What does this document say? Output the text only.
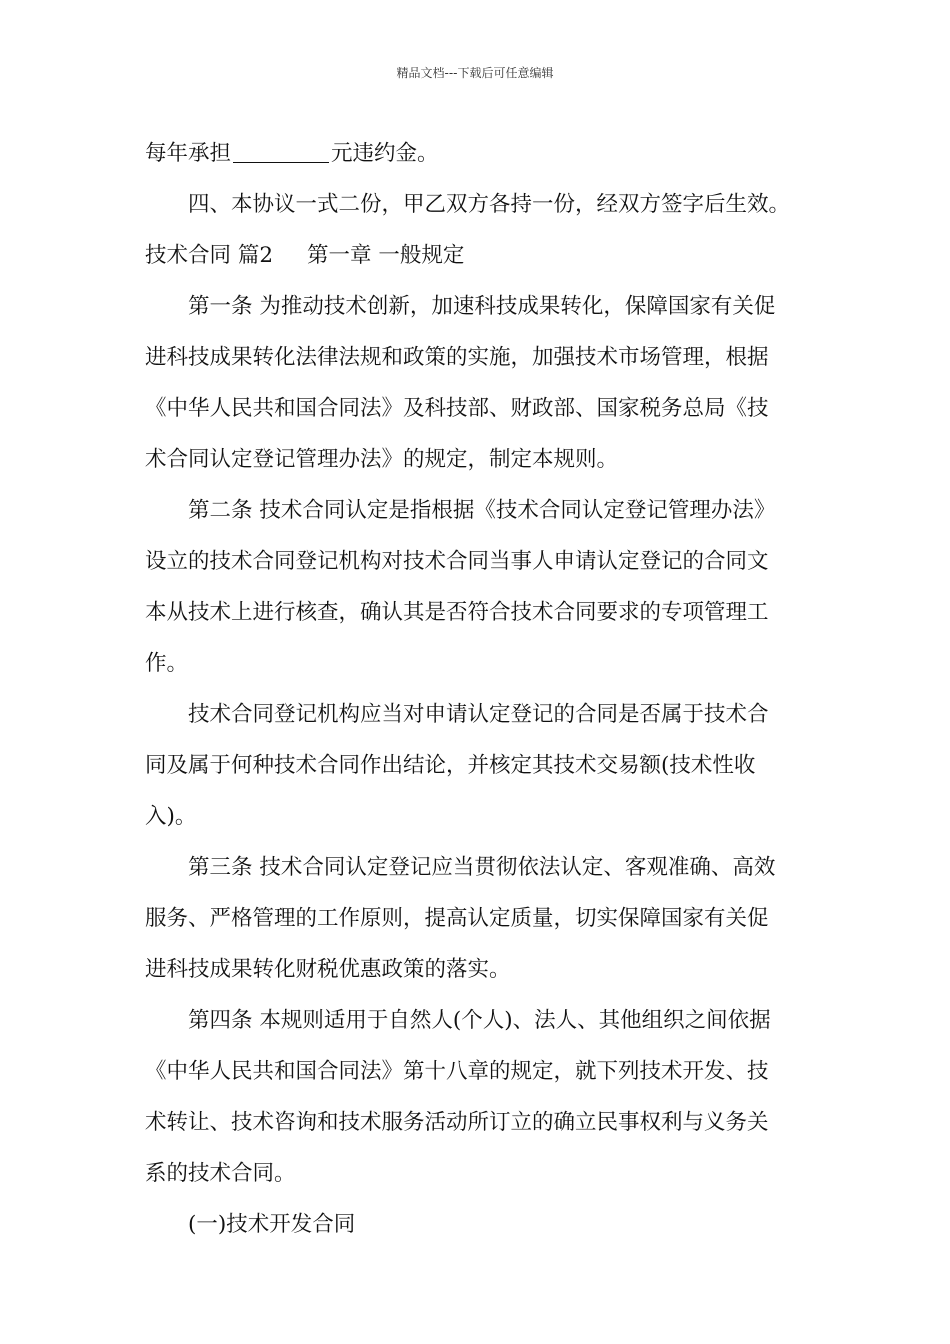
精品文档---下载后可任意编辑
每年承担	元违约金。
四、本协议一式二份，甲乙双方各持一份，经双方签字后生效。
技术合同 篇2 第一章 一般规定
第一条 为推动技术创新，加速科技成果转化，保障国家有关促
进科技成果转化法律法规和政策的实施，加强技术市场管理，根据
《中华人民共和国合同法》及科技部、财政部、国家税务总局《技
术合同认定登记管理办法》的规定，制定本规则。
第二条 技术合同认定是指根据《技术合同认定登记管理办法》
设立的技术合同登记机构对技术合同当事人申请认定登记的合同文
本从技术上进行核查，确认其是否符合技术合同要求的专项管理工
作。
技术合同登记机构应当对申请认定登记的合同是否属于技术合
同及属于何种技术合同作出结论，并核定其技术交易额(技术性收
入)。
第三条 技术合同认定登记应当贯彻依法认定、客观准确、高效
服务、严格管理的工作原则，提高认定质量，切实保障国家有关促
进科技成果转化财税优惠政策的落实。
第四条 本规则适用于自然人(个人)、法人、其他组织之间依据
《中华人民共和国合同法》第十八章的规定，就下列技术开发、技
术转让、技术咨询和技术服务活动所订立的确立民事权利与义务关
系的技术合同。
(一)技术开发合同
